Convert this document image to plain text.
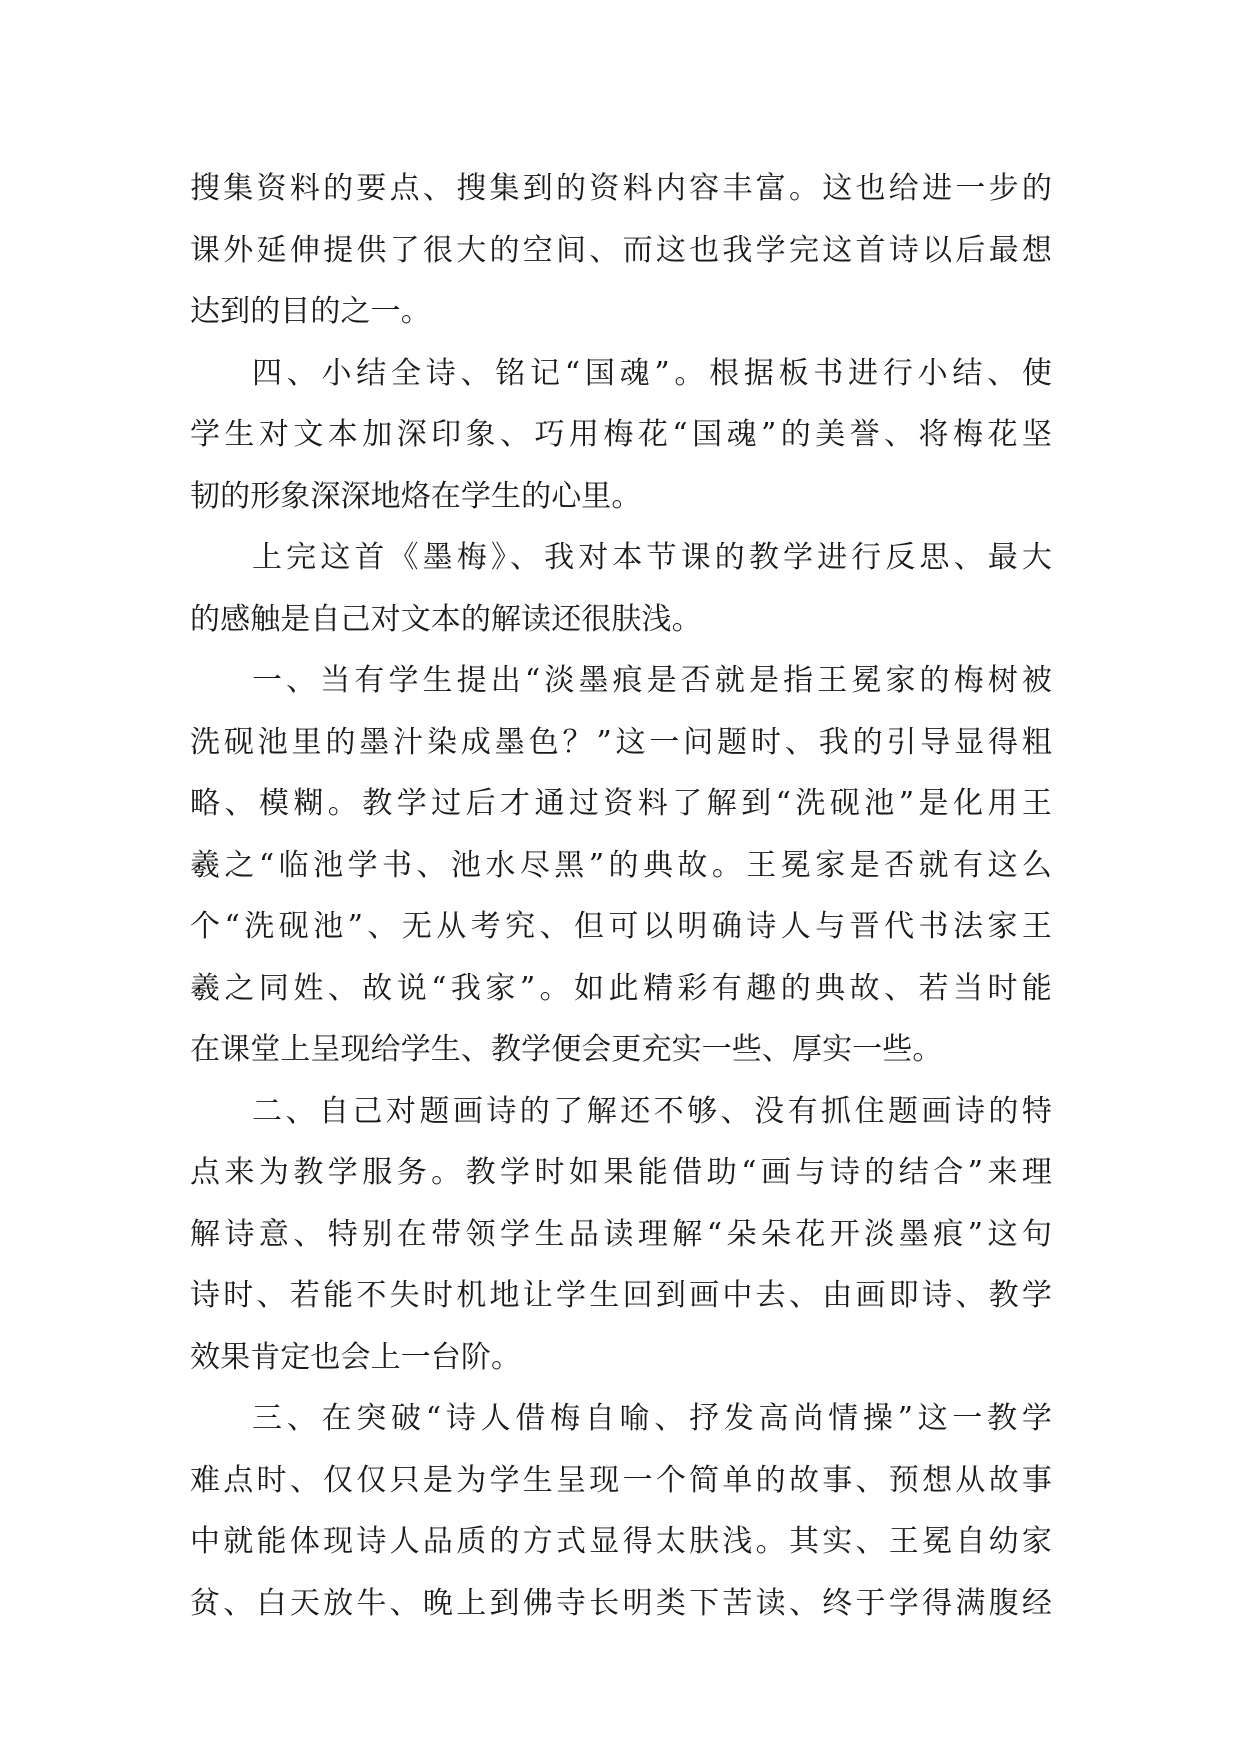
搜集资料的要点、搜集到的资料内容丰富。这也给进一步的
课外延伸提供了很大的空间、而这也我学完这首诗以后最想
达到的目的之一。
四、小结全诗、铭记“国魂”。根据板书进行小结、使
学生对文本加深印象、巧用梅花“国魂”的美誉、将梅花坚
韧的形象深深地烙在学生的心里。
上完这首《墨梅》、我对本节课的教学进行反思、最大
的感触是自己对文本的解读还很肤浅。
一、当有学生提出“淡墨痕是否就是指王冕家的梅树被
洗砚池里的墨汁染成墨色？”这一问题时、我的引导显得粗
略、模糊。教学过后才通过资料了解到“洗砚池”是化用王
羲之“临池学书、池水尽黑”的典故。王冕家是否就有这么
个“洗砚池”、无从考究、但可以明确诗人与晋代书法家王
羲之同姓、故说“我家”。如此精彩有趣的典故、若当时能
在课堂上呈现给学生、教学便会更充实一些、厚实一些。
二、自己对题画诗的了解还不够、没有抓住题画诗的特
点来为教学服务。教学时如果能借助“画与诗的结合”来理
解诗意、特别在带领学生品读理解“朵朵花开淡墨痕”这句
诗时、若能不失时机地让学生回到画中去、由画即诗、教学
效果肯定也会上一台阶。
三、在突破“诗人借梅自喻、抒发高尚情操”这一教学
难点时、仅仅只是为学生呈现一个简单的故事、预想从故事
中就能体现诗人品质的方式显得太肤浅。其实、王冕自幼家
贫、白天放牛、晚上到佛寺长明类下苦读、终于学得满腹经
